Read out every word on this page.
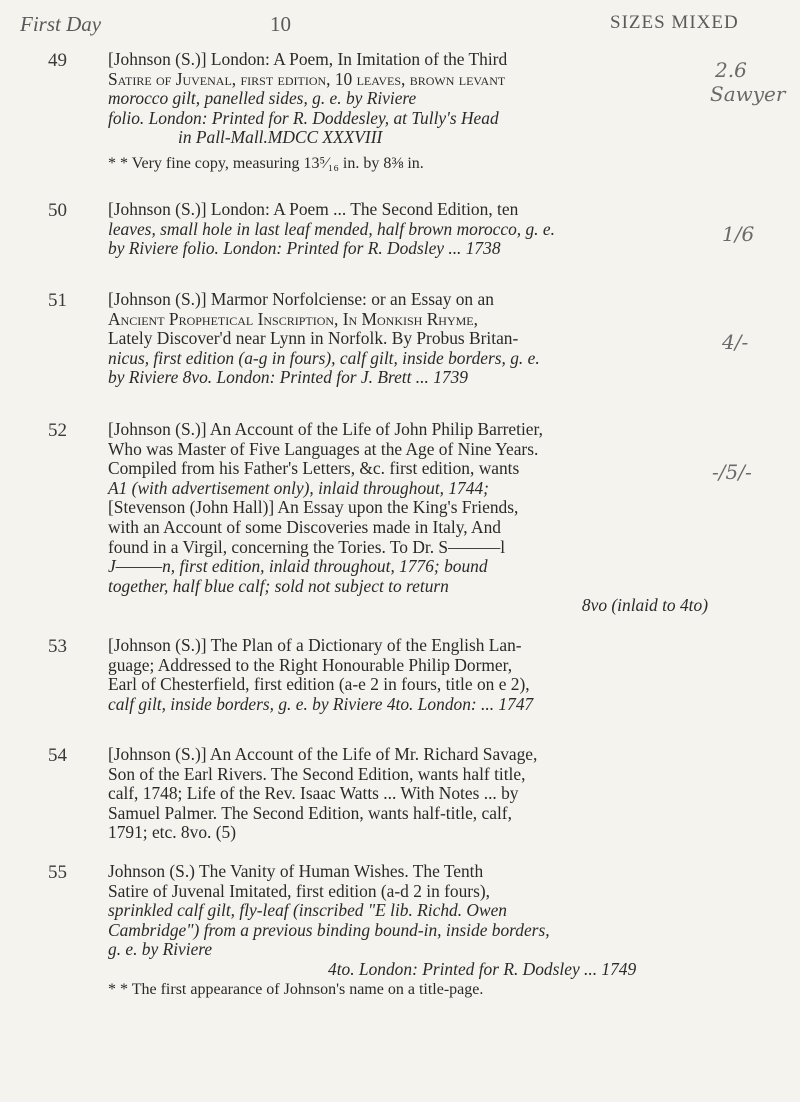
First Day	10	SIZES MIXED
49 [Johnson (S.)] London: A Poem, In Imitation of the Third
Satire of Juvenal, first edition, 10 leaves, brown levant
morocco gilt, panelled sides, g. e. by Riviere
folio. London: Printed for R. Doddesley, at Tully's Head
in Pall-Mall.MDCC XXXVIII
* * Very fine copy, measuring 13⁵⁄₁₆ in. by 8⅜ in.
50 [Johnson (S.)] London: A Poem ... The Second Edition, ten
leaves, small hole in last leaf mended, half brown morocco, g. e.
by Riviere folio. London: Printed for R. Dodsley ... 1738
51 [Johnson (S.)] Marmor Norfolciense: or an Essay on an
Ancient Prophetical Inscription, In Monkish Rhyme,
Lately Discover'd near Lynn in Norfolk. By Probus Britan-
nicus, first edition (a-g in fours), calf gilt, inside borders, g. e.
by Riviere 8vo. London: Printed for J. Brett ... 1739
52 [Johnson (S.)] An Account of the Life of John Philip Barretier,
Who was Master of Five Languages at the Age of Nine Years.
Compiled from his Father's Letters, &c. first edition, wants
A1 (with advertisement only), inlaid throughout, 1744;
[Stevenson (John Hall)] An Essay upon the King's Friends,
with an Account of some Discoveries made in Italy, And
found in a Virgil, concerning the Tories. To Dr. S———l
J———n, first edition, inlaid throughout, 1776; bound
together, half blue calf; sold not subject to return
8vo (inlaid to 4to)
53 [Johnson (S.)] The Plan of a Dictionary of the English Lan-
guage; Addressed to the Right Honourable Philip Dormer,
Earl of Chesterfield, first edition (a-e 2 in fours, title on e 2),
calf gilt, inside borders, g. e. by Riviere 4to. London: ... 1747
54 [Johnson (S.)] An Account of the Life of Mr. Richard Savage,
Son of the Earl Rivers. The Second Edition, wants half title,
calf, 1748; Life of the Rev. Isaac Watts ... With Notes ... by
Samuel Palmer. The Second Edition, wants half-title, calf,
1791; etc. 8vo. (5)
55 Johnson (S.) The Vanity of Human Wishes. The Tenth
Satire of Juvenal Imitated, first edition (a-d 2 in fours),
sprinkled calf gilt, fly-leaf (inscribed "E lib. Richd. Owen
Cambridge") from a previous binding bound-in, inside borders,
g. e. by Riviere
4to. London: Printed for R. Dodsley ... 1749
* * The first appearance of Johnson's name on a title-page.
2.6
Sawyer
1/6
4/-
-/5/-
